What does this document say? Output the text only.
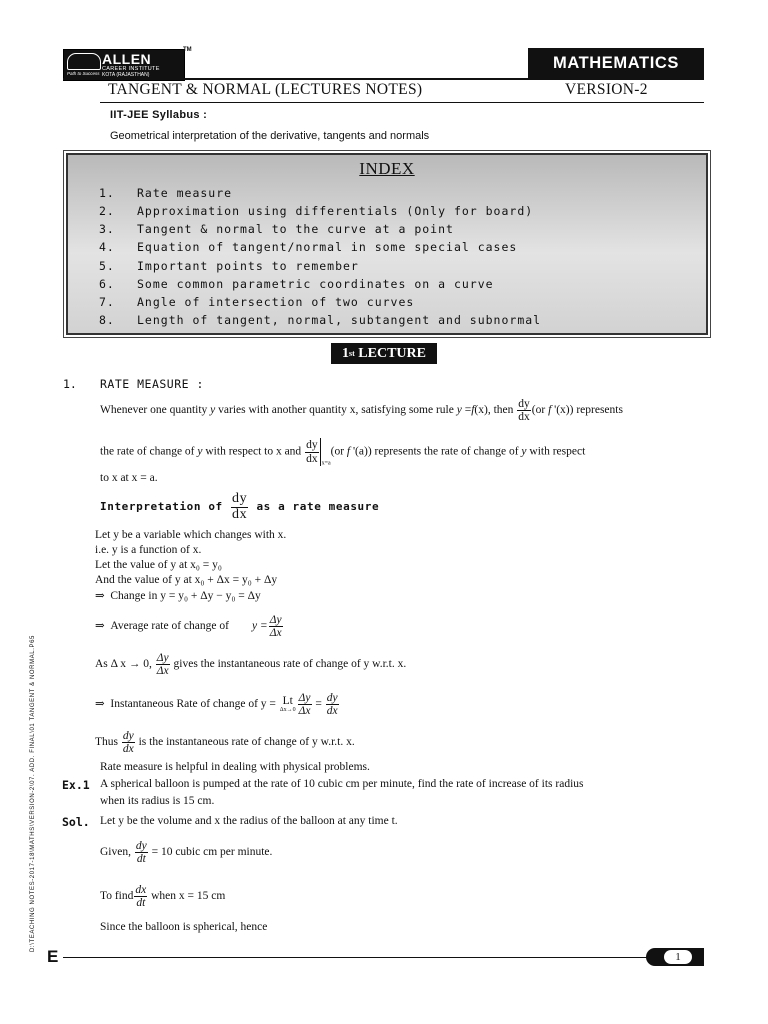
ALLEN
CAREER INSTITUTE
KOTA (RAJASTHAN)
Path to Success
TM
MATHEMATICS
TANGENT & NORMAL (LECTURES NOTES)	VERSION-2
IIT-JEE Syllabus :
Geometrical interpretation of the derivative, tangents and normals
INDEX
1. Rate measure
2. Approximation using differentials (Only for board)
3. Tangent & normal to the curve at a point
4. Equation of tangent/normal in some special cases
5. Important points to remember
6. Some common parametric coordinates on a curve
7. Angle of intersection of two curves
8. Length of tangent, normal, subtangent and subnormal
1 st
LECTURE
1. RATE MEASURE :
Whenever one quantity y varies with another quantity x, satisfying some rule y =f(x), then $\frac{dy}{dx} (or$ f '(x)) represents
the rate of change of y with respect to x and $\frac{dy}{dx} _{x=a}(or$ f '(a)) represents the rate of change of y with respect
to x at x = a.
Interpretation of $\frac{dy}{dx}$ as a rate measure
Let y be a variable which changes with x.
i.e. y is a function of x.
Let the value of y at x₀ = y₀
And the value of y at x₀ + Δx = y₀ + Δy
⇒ Change in y = y₀ + Δy − y₀ = Δy
⇒ Average rate of change of $y = \frac{\Delta y}{\Delta x}$
As Δ x → 0, $\frac{\Delta y}{\Delta x}$ gives the instantaneous rate of change of y w.r.t. x.
⇒ Instantaneous Rate of change of y = Lt
$\Delta x\to 0 \frac{\Delta y}{\Delta x} = \frac{dy}{dx}$
Thus $\frac{dy}{dx}$ is the instantaneous rate of change of y w.r.t. x.
Rate measure is helpful in dealing with physical problems.
Ex.1 A spherical balloon is pumped at the rate of 10 cubic cm per minute, find the rate of increase of its radius
when its radius is 15 cm.
Sol. Let y be the volume and x the radius of the balloon at any time t.
Given, $\frac{dy}{dt} = 10$ cubic cm per minute.
To find $\frac{dx}{dt}$ when x = 15 cm
Since the balloon is spherical, hence
D:\TEACHING NOTES-2017-18\MATHS\VERSION-2\07. ADD. FINAL\01 TANGENT & NORMAL.P65
E	1
